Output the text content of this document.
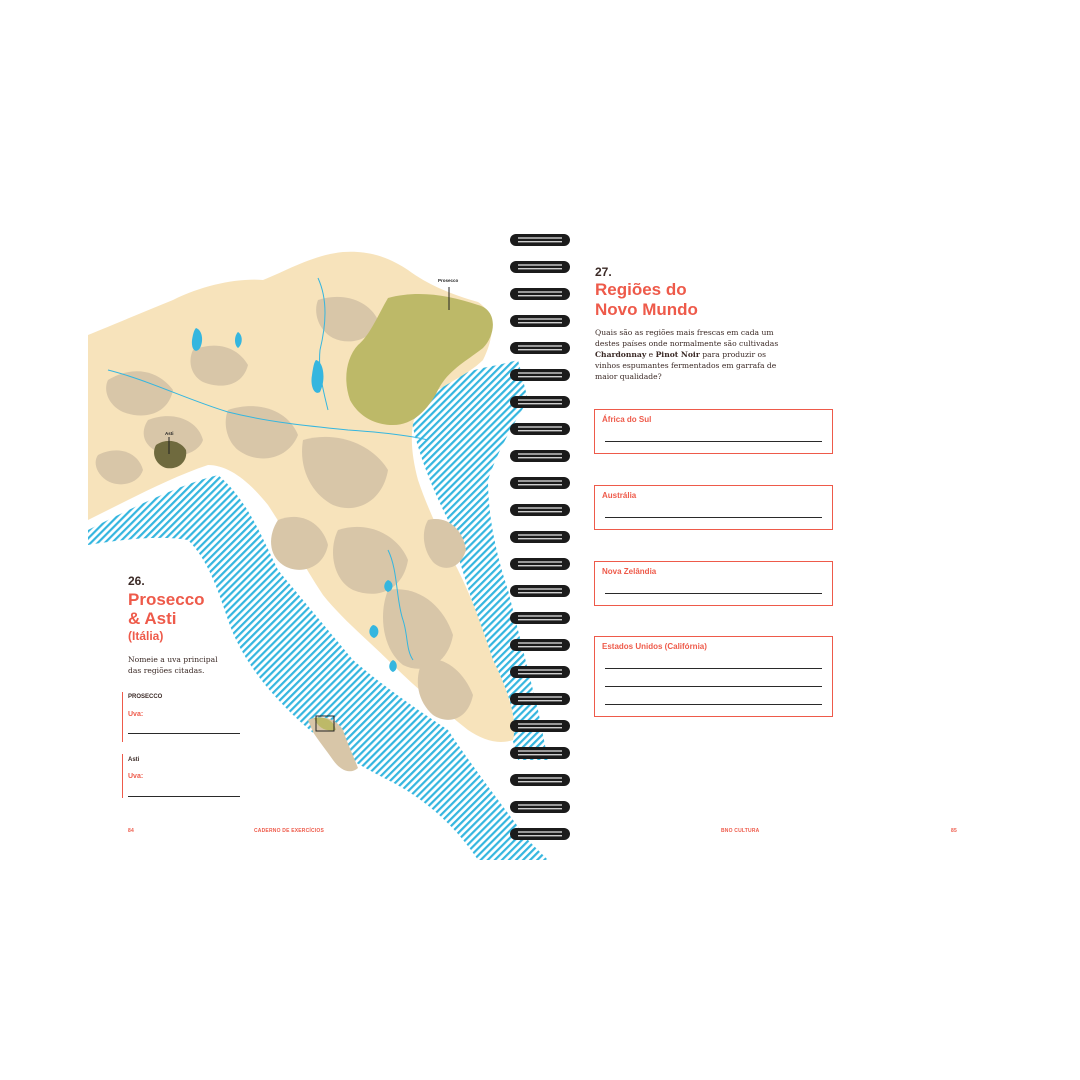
Prosecco
Asti
26.
Prosecco
& Asti
(Itália)
Nomeie a uva principal
das regiões citadas.
PROSECCO
Uva:
Asti
Uva:
84	CADERNO DE EXERCÍCIOS
27.
Regiões do
Novo Mundo
Quais são as regiões mais frescas em cada um
destes países onde normalmente são cultivadas
Chardonnay e Pinot Noir para produzir os
vinhos espumantes fermentados em garrafa de
maior qualidade?
África do Sul
Austrália
Nova Zelândia
Estados Unidos (Califórnia)
BNO CULTURA	85
